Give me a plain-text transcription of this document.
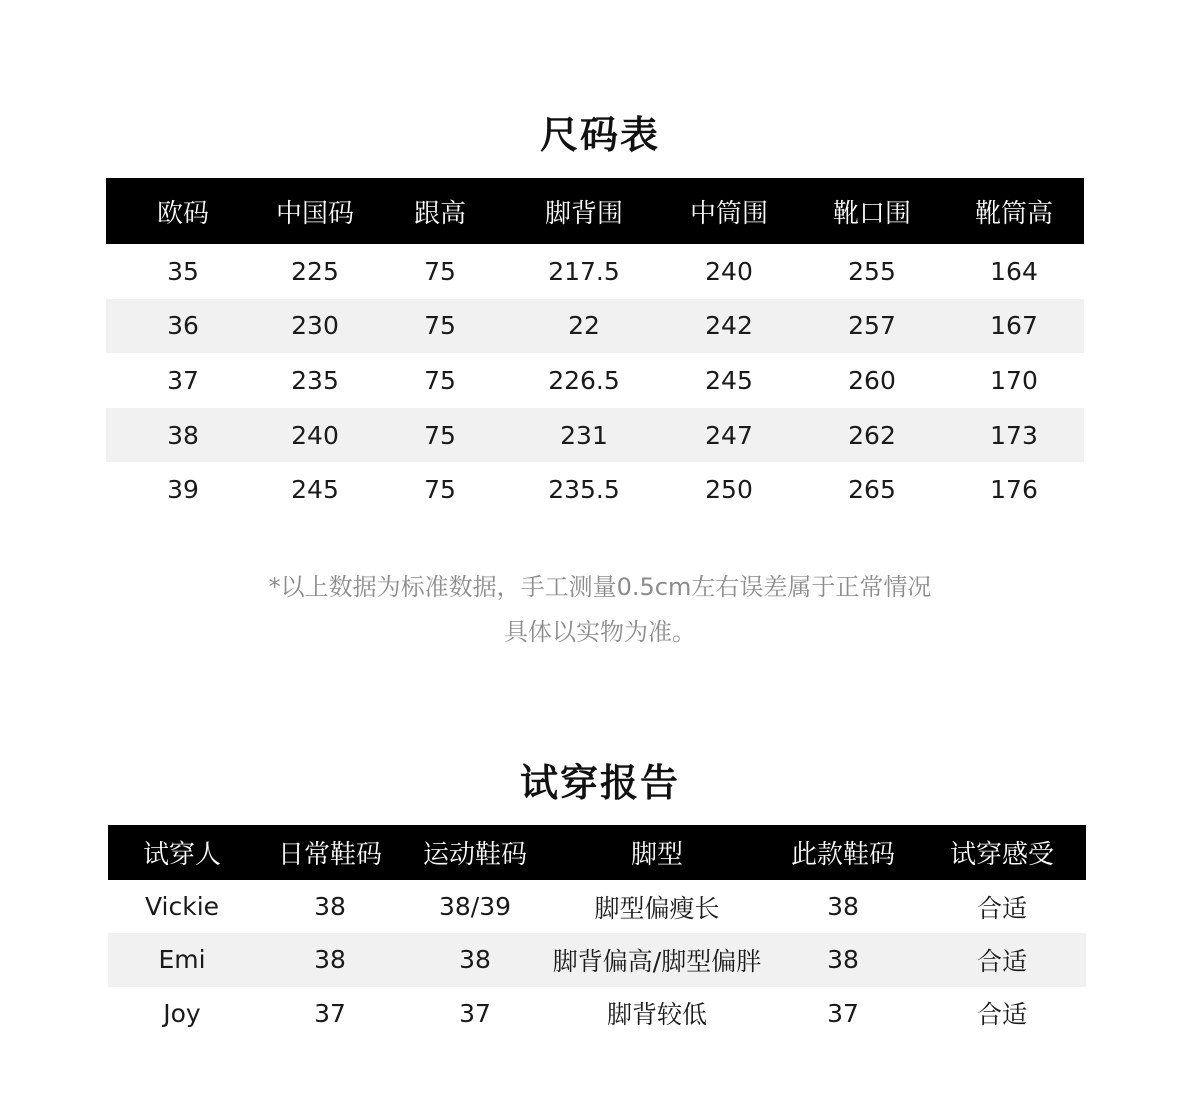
尺码表
欧码	中国码	跟高	脚背围	中筒围	靴口围	靴筒高
35	225	75	217.5	240	255	164
36	230	75	22	242	257	167
37	235	75	226.5	245	260	170
38	240	75	231	247	262	173
39	245	75	235.5	250	265	176
*以上数据为标准数据，手工测量0.5cm左右误差属于正常情况
具体以实物为准。
试穿报告
试穿人	日常鞋码	运动鞋码	脚型	此款鞋码	试穿感受
Vickie	38	38/39	脚型偏瘦长	38	合适
Emi	38	38	脚背偏高/脚型偏胖	38	合适
Joy	37	37	脚背较低	37	合适
